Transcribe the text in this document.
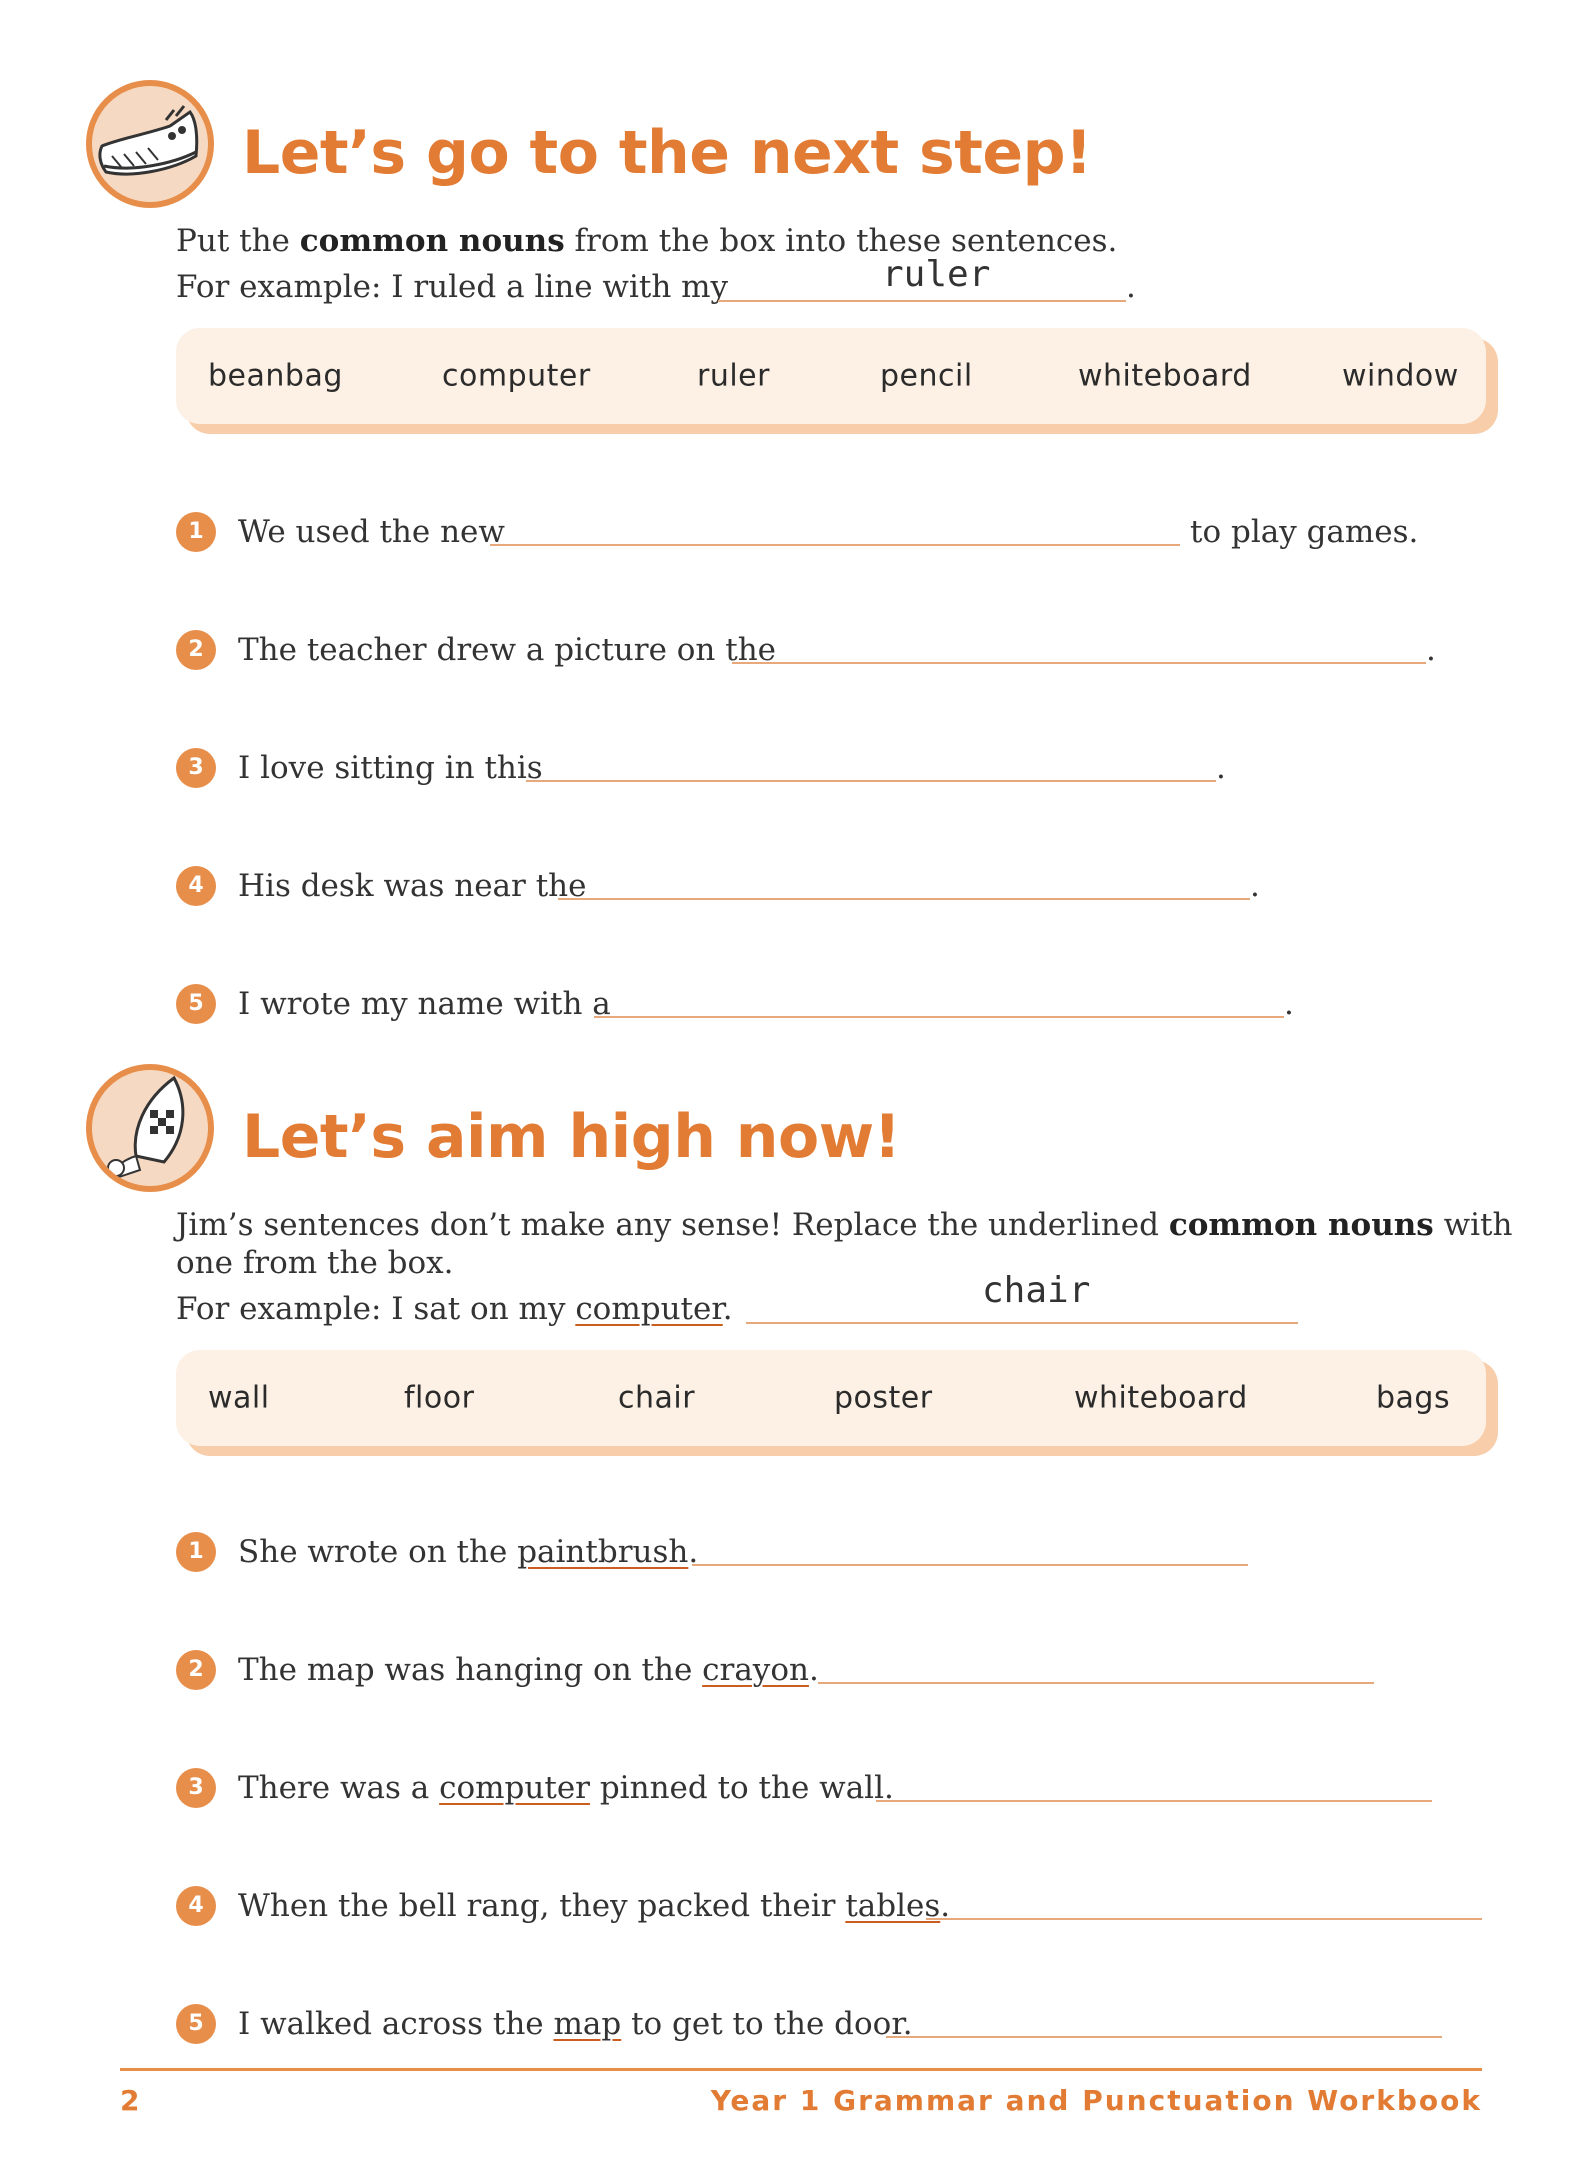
Let’s go to the next step!
Put the common nouns from the box into these sentences.
For example: I ruled a line with my	.
ruler
beanbag	computer	ruler	pencil	whiteboard	window
1	We used the new	to play games.
2	The teacher drew a picture on the	.
3	I love sitting in this	.
4	His desk was near the	.
5	I wrote my name with a	.
Let’s aim high now!
Jim’s sentences don’t make any sense! Replace the underlined common nouns with
one from the box.
For example: I sat on my computer.	chair
wall	floor	chair	poster	whiteboard	bags
1	She wrote on the paintbrush.
2	The map was hanging on the crayon.
3	There was a computer pinned to the wall.
4	When the bell rang, they packed their tables.
5	I walked across the map to get to the door.
2	Year 1 Grammar and Punctuation Workbook
